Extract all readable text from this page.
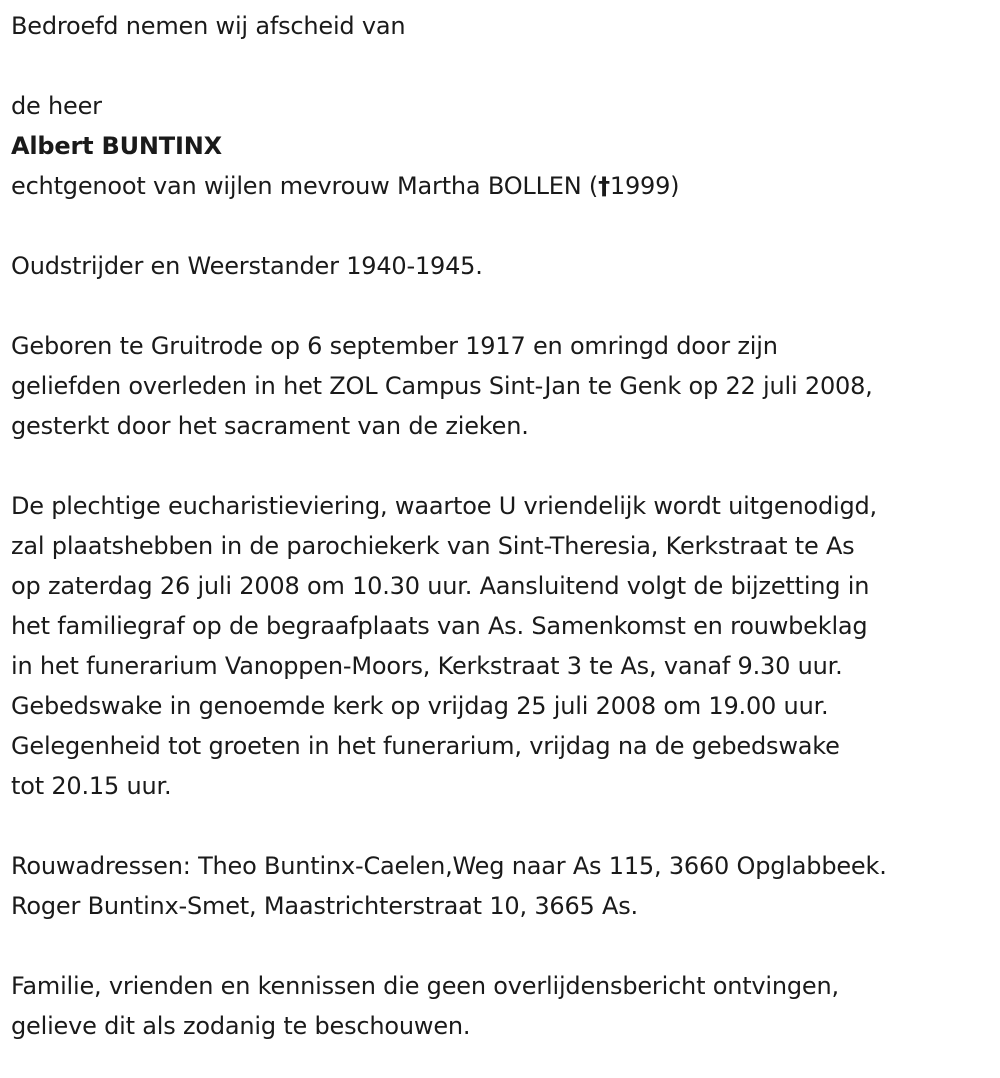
Bedroefd nemen wij afscheid van
de heer
Albert BUNTINX
echtgenoot van wijlen mevrouw Martha BOLLEN (†1999)
Oudstrijder en Weerstander 1940-1945.
Geboren te Gruitrode op 6 september 1917 en omringd door zijn
geliefden overleden in het ZOL Campus Sint-Jan te Genk op 22 juli 2008,
gesterkt door het sacrament van de zieken.
De plechtige eucharistieviering, waartoe U vriendelijk wordt uitgenodigd,
zal plaatshebben in de parochiekerk van Sint-Theresia, Kerkstraat te As
op zaterdag 26 juli 2008 om 10.30 uur. Aansluitend volgt de bijzetting in
het familiegraf op de begraafplaats van As. Samenkomst en rouwbeklag
in het funerarium Vanoppen-Moors, Kerkstraat 3 te As, vanaf 9.30 uur.
Gebedswake in genoemde kerk op vrijdag 25 juli 2008 om 19.00 uur.
Gelegenheid tot groeten in het funerarium, vrijdag na de gebedswake
tot 20.15 uur.
Rouwadressen: Theo Buntinx-Caelen,Weg naar As 115, 3660 Opglabbeek.
Roger Buntinx-Smet, Maastrichterstraat 10, 3665 As.
Familie, vrienden en kennissen die geen overlijdensbericht ontvingen,
gelieve dit als zodanig te beschouwen.
